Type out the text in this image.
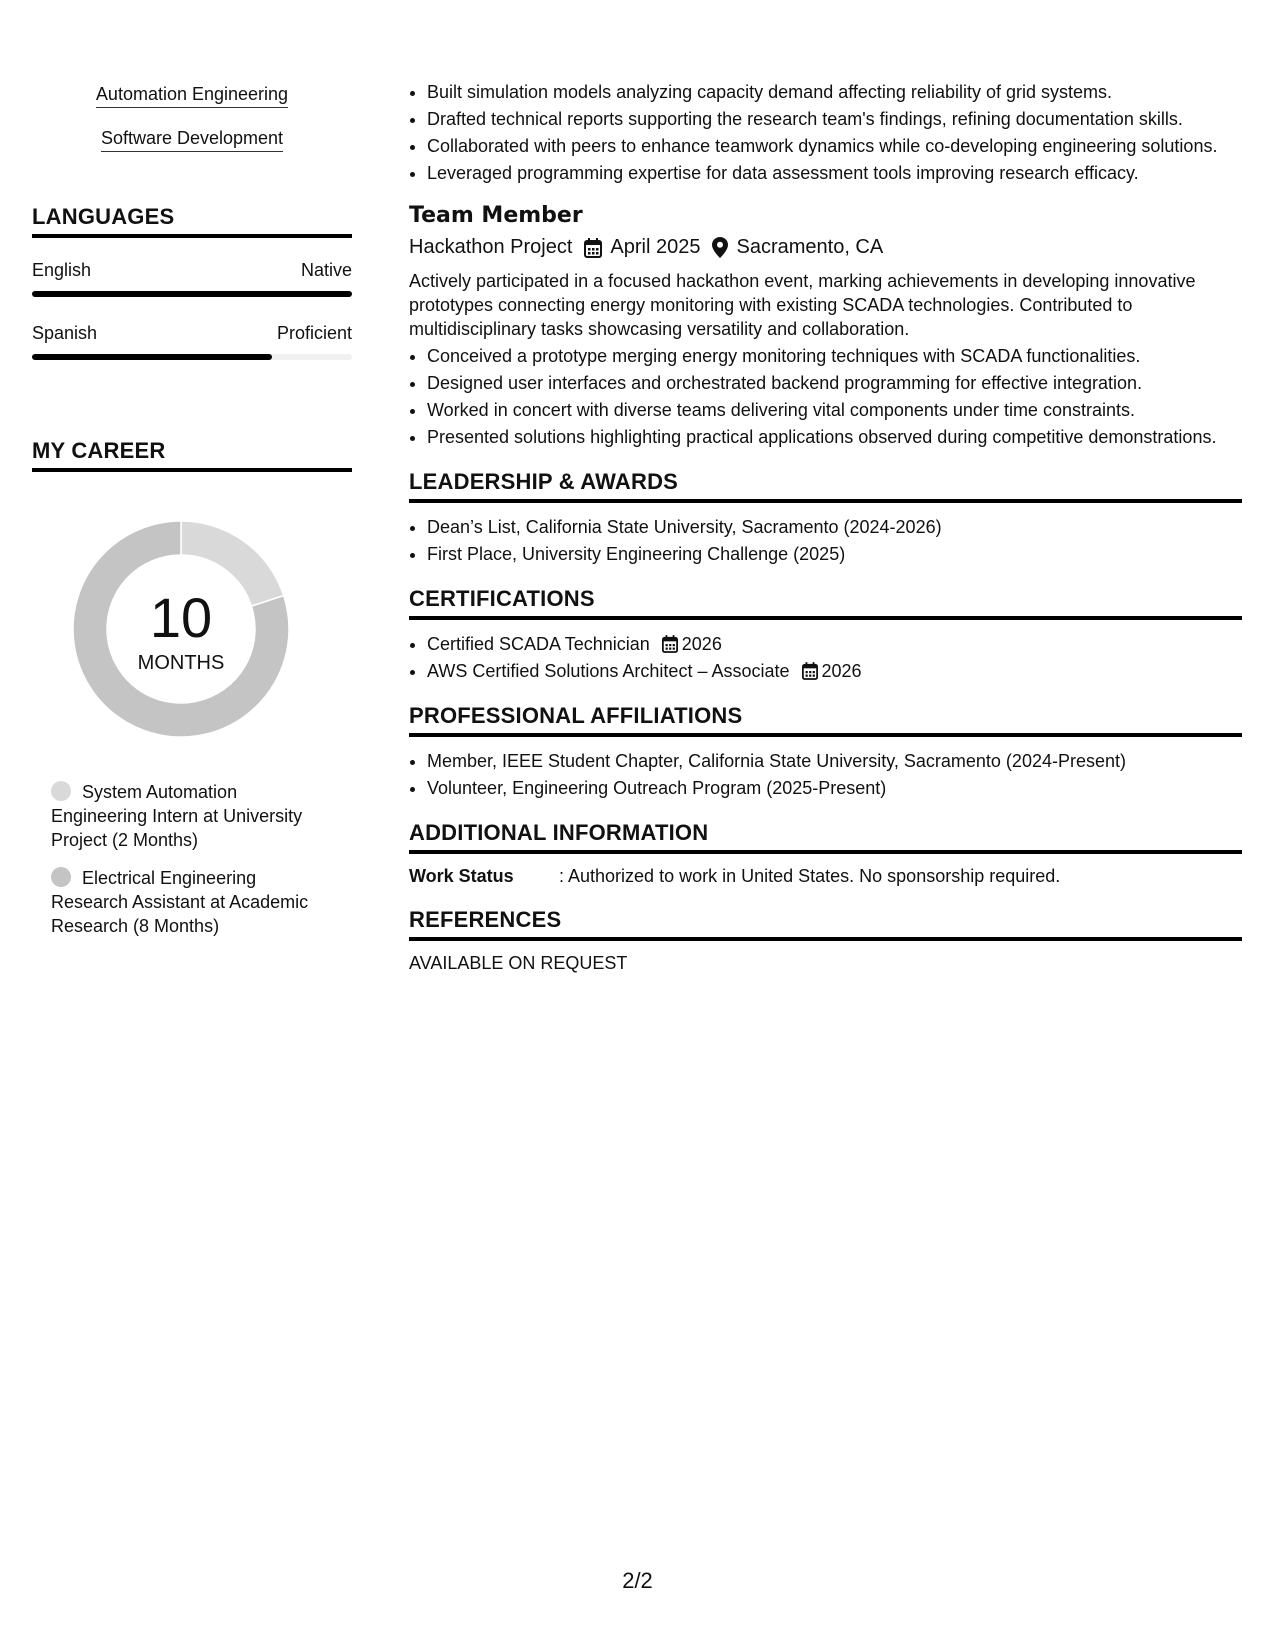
Automation Engineering
Software Development
LANGUAGES
English	Native
Spanish	Proficient
MY CAREER
10
MONTHS
System Automation Engineering Intern at University Project (2 Months)
Electrical Engineering Research Assistant at Academic Research (8 Months)
• Built simulation models analyzing capacity demand affecting reliability of grid systems.
• Drafted technical reports supporting the research team's findings, refining documentation skills.
• Collaborated with peers to enhance teamwork dynamics while co-developing engineering solutions.
• Leveraged programming expertise for data assessment tools improving research efficacy.
Team Member
Hackathon Project April 2025 Sacramento, CA
Actively participated in a focused hackathon event, marking achievements in developing innovative prototypes connecting energy monitoring with existing SCADA technologies. Contributed to multidisciplinary tasks showcasing versatility and collaboration.
• Conceived a prototype merging energy monitoring techniques with SCADA functionalities.
• Designed user interfaces and orchestrated backend programming for effective integration.
• Worked in concert with diverse teams delivering vital components under time constraints.
• Presented solutions highlighting practical applications observed during competitive demonstrations.
LEADERSHIP & AWARDS
• Dean’s List, California State University, Sacramento (2024-2026)
• First Place, University Engineering Challenge (2025)
CERTIFICATIONS
• Certified SCADA Technician 2026
• AWS Certified Solutions Architect – Associate 2026
PROFESSIONAL AFFILIATIONS
• Member, IEEE Student Chapter, California State University, Sacramento (2024-Present)
• Volunteer, Engineering Outreach Program (2025-Present)
ADDITIONAL INFORMATION
Work Status	: Authorized to work in United States. No sponsorship required.
REFERENCES
AVAILABLE ON REQUEST
2/2
